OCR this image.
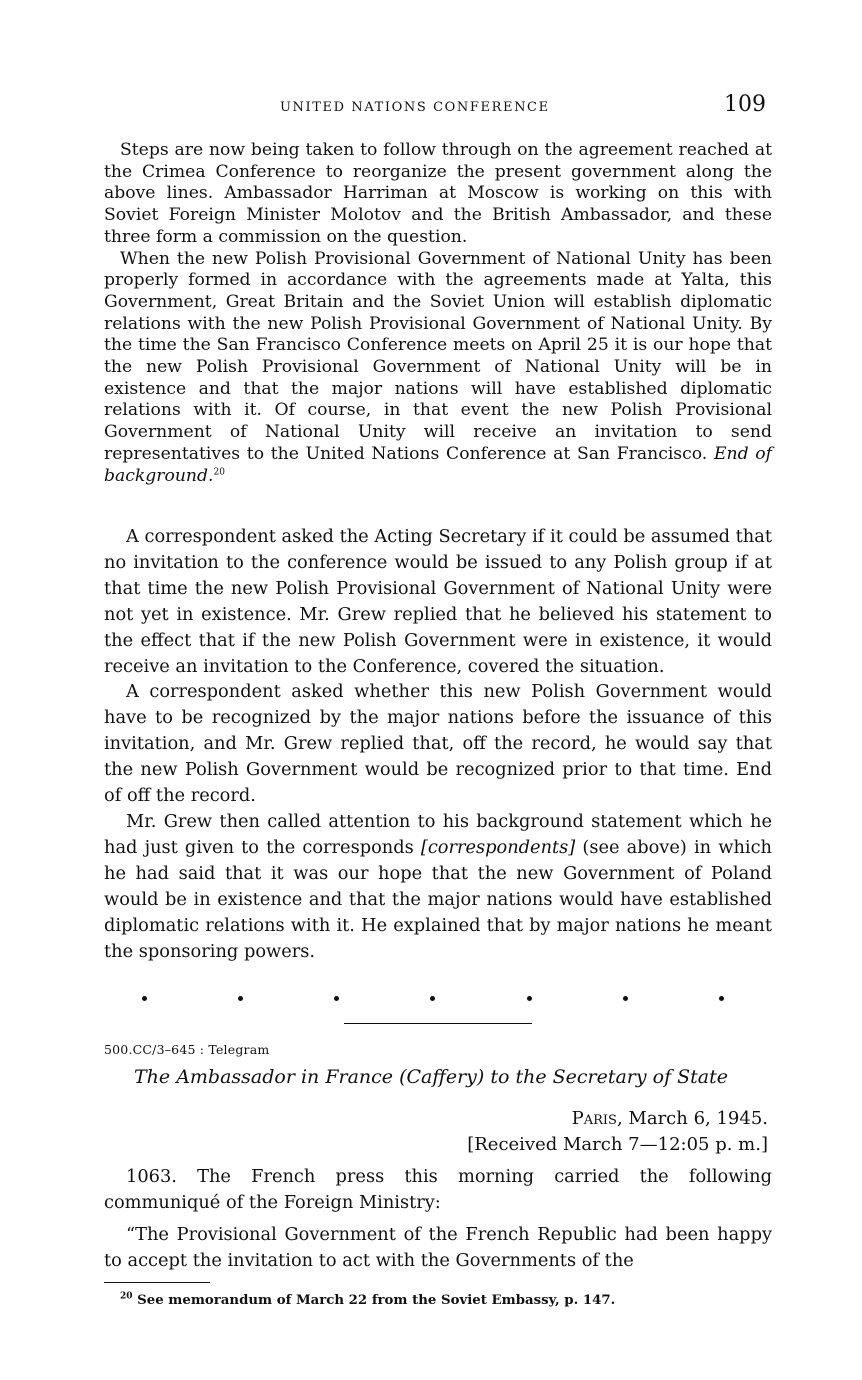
UNITED NATIONS CONFERENCE	109

Steps are now being taken to follow through on the agreement reached at the Crimea Conference to reorganize the present government along the above lines. Ambassador Harriman at Moscow is working on this with Soviet Foreign Minister Molotov and the British Ambassador, and these three form a commission on the question.

When the new Polish Provisional Government of National Unity has been properly formed in accordance with the agreements made at Yalta, this Government, Great Britain and the Soviet Union will establish diplomatic relations with the new Polish Provisional Government of National Unity. By the time the San Francisco Conference meets on April 25 it is our hope that the new Polish Provisional Government of National Unity will be in existence and that the major nations will have established diplomatic relations with it. Of course, in that event the new Polish Provisional Government of National Unity will receive an invitation to send representatives to the United Nations Conference at San Francisco. End of background.$^{20}$

A correspondent asked the Acting Secretary if it could be assumed that no invitation to the conference would be issued to any Polish group if at that time the new Polish Provisional Government of National Unity were not yet in existence. Mr. Grew replied that he believed his statement to the effect that if the new Polish Government were in existence, it would receive an invitation to the Conference, covered the situation.

A correspondent asked whether this new Polish Government would have to be recognized by the major nations before the issuance of this invitation, and Mr. Grew replied that, off the record, he would say that the new Polish Government would be recognized prior to that time. End of off the record.

Mr. Grew then called attention to his background statement which he had just given to the corresponds [correspondents] (see above) in which he had said that it was our hope that the new Government of Poland would be in existence and that the major nations would have established diplomatic relations with it. He explained that by major nations he meant the sponsoring powers.

500.CC/3–645 : Telegram
The Ambassador in France (Caffery) to the Secretary of State
Paris, March 6, 1945.
[Received March 7—12:05 p. m.]

1063. The French press this morning carried the following communiqué of the Foreign Ministry:

“The Provisional Government of the French Republic had been happy to accept the invitation to act with the Governments of the

$^{20}$ See memorandum of March 22 from the Soviet Embassy, p. 147.
